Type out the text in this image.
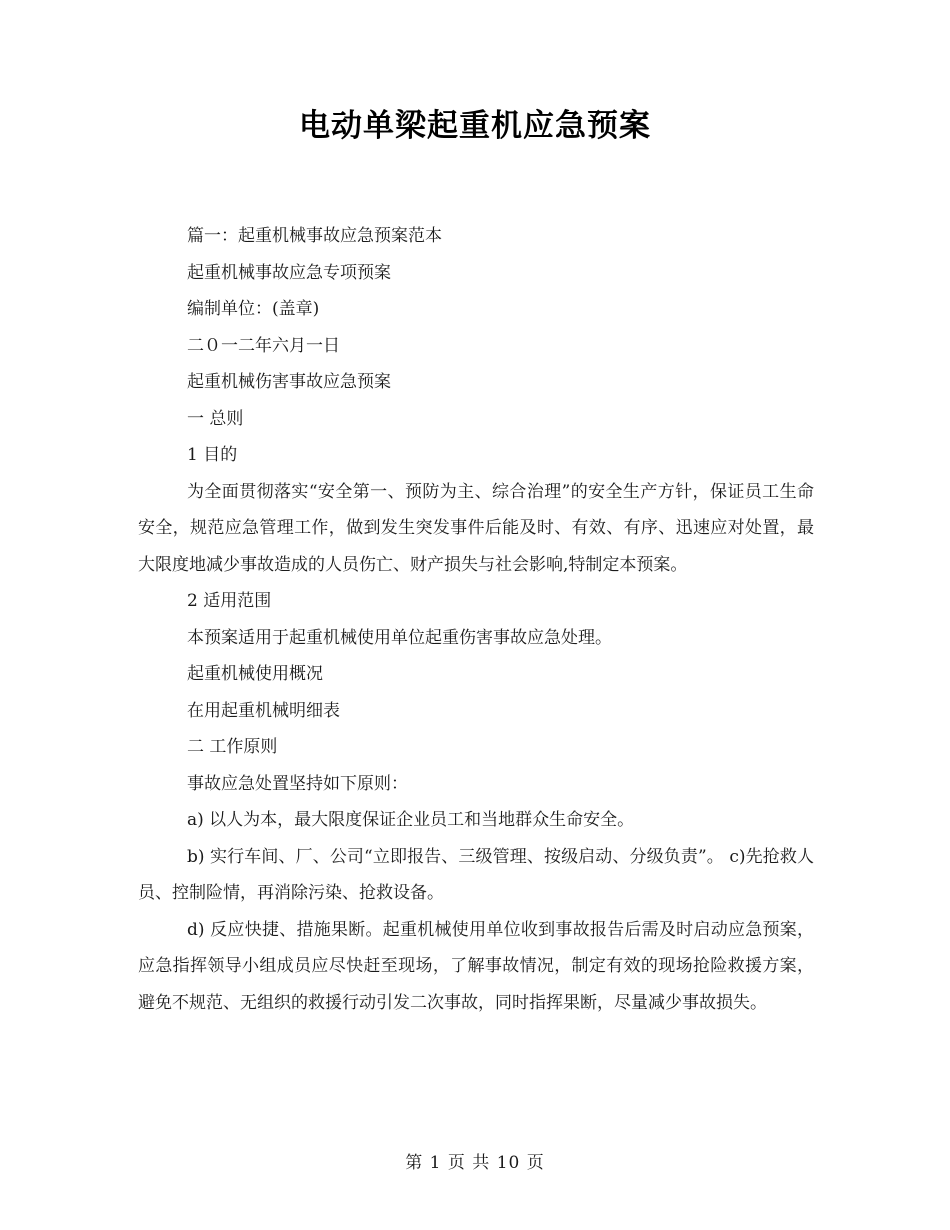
电动单梁起重机应急预案

篇一：起重机械事故应急预案范本

起重机械事故应急专项预案

编制单位：(盖章)

二０一二年六月一日

起重机械伤害事故应急预案

一 总则

1 目的

为全面贯彻落实“安全第一、预防为主、综合治理”的安全生产方针，保证员工生命安全，规范应急管理工作，做到发生突发事件后能及时、有效、有序、迅速应对处置，最大限度地减少事故造成的人员伤亡、财产损失与社会影响,特制定本预案。

2 适用范围

本预案适用于起重机械使用单位起重伤害事故应急处理。

起重机械使用概况

在用起重机械明细表

二 工作原则

事故应急处置坚持如下原则：

a) 以人为本，最大限度保证企业员工和当地群众生命安全。

b) 实行车间、厂、公司“立即报告、三级管理、按级启动、分级负责”。 c)先抢救人员、控制险情，再消除污染、抢救设备。

d) 反应快捷、措施果断。起重机械使用单位收到事故报告后需及时启动应急预案，应急指挥领导小组成员应尽快赶至现场，了解事故情况，制定有效的现场抢险救援方案，避免不规范、无组织的救援行动引发二次事故，同时指挥果断，尽量减少事故损失。

第 1 页 共 10 页
